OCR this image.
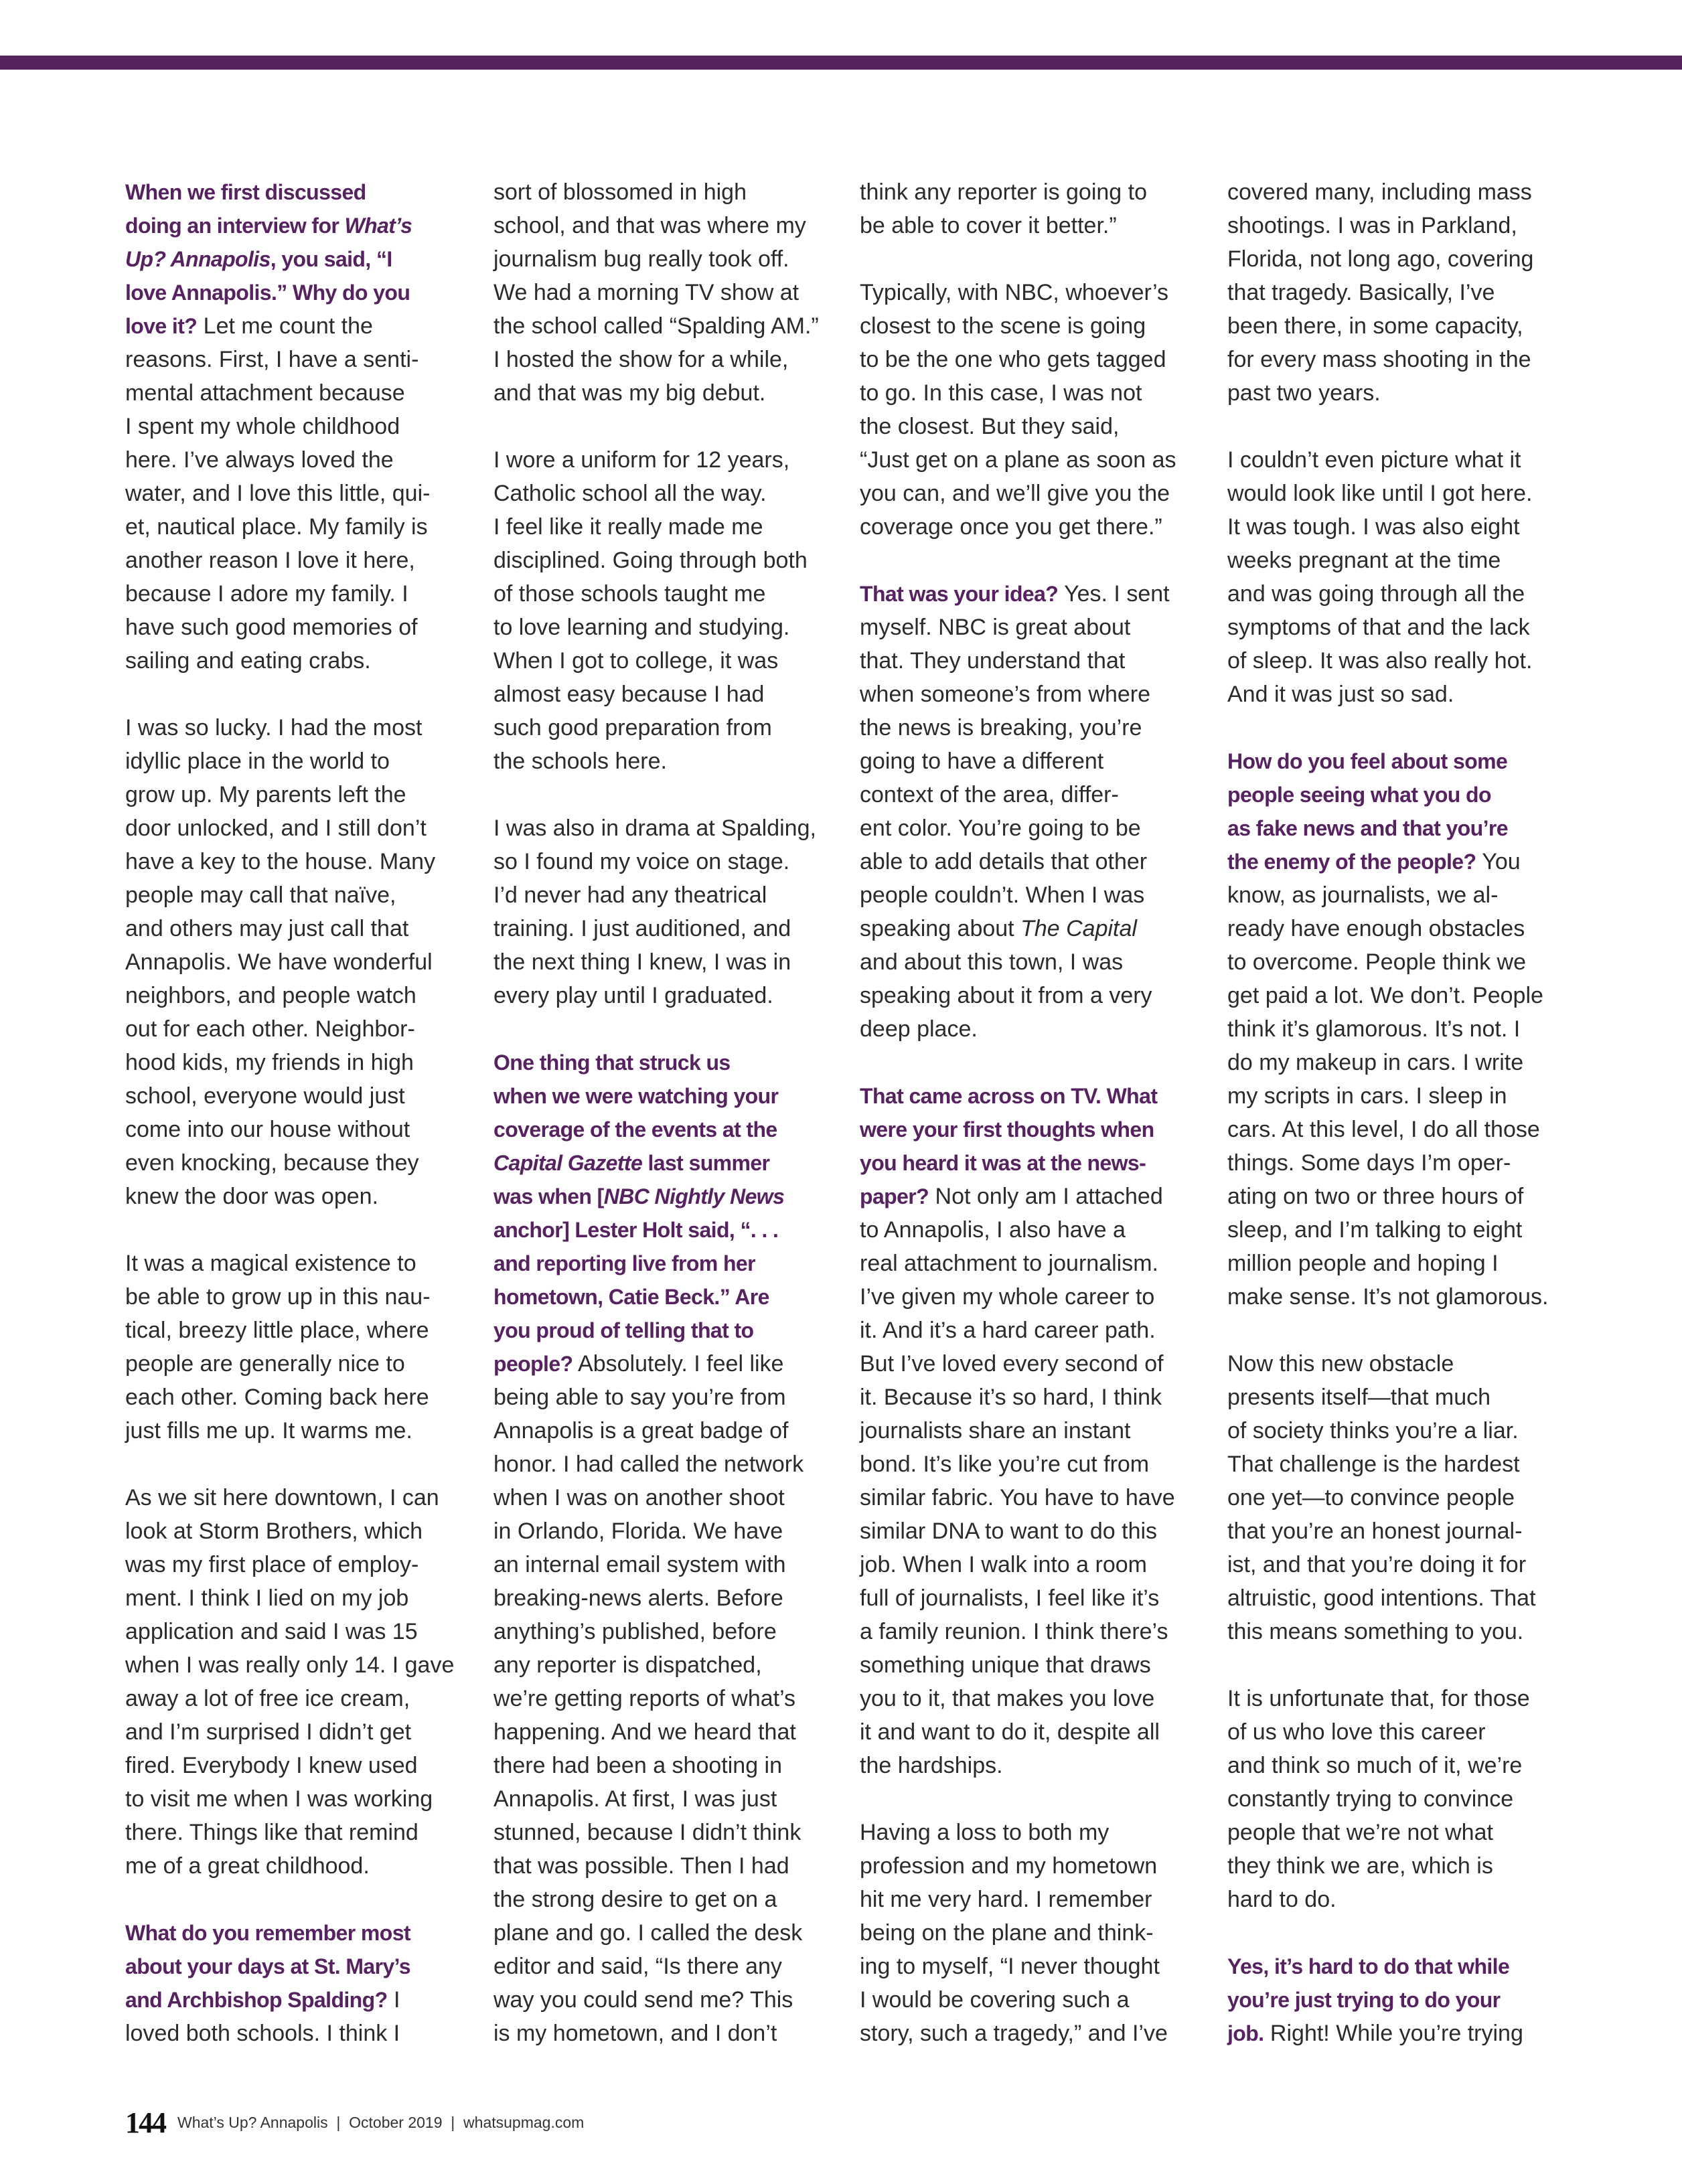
When we first discussed
doing an interview for What’s
Up? Annapolis, you said, “I
love Annapolis.” Why do you
love it? Let me count the
reasons. First, I have a senti-
mental attachment because
I spent my whole childhood
here. I’ve always loved the
water, and I love this little, qui-
et, nautical place. My family is
another reason I love it here,
because I adore my family. I
have such good memories of
sailing and eating crabs.
I was so lucky. I had the most
idyllic place in the world to
grow up. My parents left the
door unlocked, and I still don’t
have a key to the house. Many
people may call that naïve,
and others may just call that
Annapolis. We have wonderful
neighbors, and people watch
out for each other. Neighbor-
hood kids, my friends in high
school, everyone would just
come into our house without
even knocking, because they
knew the door was open.
It was a magical existence to
be able to grow up in this nau-
tical, breezy little place, where
people are generally nice to
each other. Coming back here
just fills me up. It warms me.
As we sit here downtown, I can
look at Storm Brothers, which
was my first place of employ-
ment. I think I lied on my job
application and said I was 15
when I was really only 14. I gave
away a lot of free ice cream,
and I’m surprised I didn’t get
fired. Everybody I knew used
to visit me when I was working
there. Things like that remind
me of a great childhood.
What do you remember most
about your days at St. Mary’s
and Archbishop Spalding? I
loved both schools. I think I
sort of blossomed in high
school, and that was where my
journalism bug really took off.
We had a morning TV show at
the school called “Spalding AM.”
I hosted the show for a while,
and that was my big debut.
I wore a uniform for 12 years,
Catholic school all the way.
I feel like it really made me
disciplined. Going through both
of those schools taught me
to love learning and studying.
When I got to college, it was
almost easy because I had
such good preparation from
the schools here.
I was also in drama at Spalding,
so I found my voice on stage.
I’d never had any theatrical
training. I just auditioned, and
the next thing I knew, I was in
every play until I graduated.
One thing that struck us
when we were watching your
coverage of the events at the
Capital Gazette last summer
was when [NBC Nightly News
anchor] Lester Holt said, “. . .
and reporting live from her
hometown, Catie Beck.” Are
you proud of telling that to
people? Absolutely. I feel like
being able to say you’re from
Annapolis is a great badge of
honor. I had called the network
when I was on another shoot
in Orlando, Florida. We have
an internal email system with
breaking-news alerts. Before
anything’s published, before
any reporter is dispatched,
we’re getting reports of what’s
happening. And we heard that
there had been a shooting in
Annapolis. At first, I was just
stunned, because I didn’t think
that was possible. Then I had
the strong desire to get on a
plane and go. I called the desk
editor and said, “Is there any
way you could send me? This
is my hometown, and I don’t
think any reporter is going to
be able to cover it better.”
Typically, with NBC, whoever’s
closest to the scene is going
to be the one who gets tagged
to go. In this case, I was not
the closest. But they said,
“Just get on a plane as soon as
you can, and we’ll give you the
coverage once you get there.”
That was your idea? Yes. I sent
myself. NBC is great about
that. They understand that
when someone’s from where
the news is breaking, you’re
going to have a different
context of the area, differ-
ent color. You’re going to be
able to add details that other
people couldn’t. When I was
speaking about The Capital
and about this town, I was
speaking about it from a very
deep place.
That came across on TV. What
were your first thoughts when
you heard it was at the news-
paper? Not only am I attached
to Annapolis, I also have a
real attachment to journalism.
I’ve given my whole career to
it. And it’s a hard career path.
But I’ve loved every second of
it. Because it’s so hard, I think
journalists share an instant
bond. It’s like you’re cut from
similar fabric. You have to have
similar DNA to want to do this
job. When I walk into a room
full of journalists, I feel like it’s
a family reunion. I think there’s
something unique that draws
you to it, that makes you love
it and want to do it, despite all
the hardships.
Having a loss to both my
profession and my hometown
hit me very hard. I remember
being on the plane and think-
ing to myself, “I never thought
I would be covering such a
story, such a tragedy,” and I’ve
covered many, including mass
shootings. I was in Parkland,
Florida, not long ago, covering
that tragedy. Basically, I’ve
been there, in some capacity,
for every mass shooting in the
past two years.
I couldn’t even picture what it
would look like until I got here.
It was tough. I was also eight
weeks pregnant at the time
and was going through all the
symptoms of that and the lack
of sleep. It was also really hot.
And it was just so sad.
How do you feel about some
people seeing what you do
as fake news and that you’re
the enemy of the people? You
know, as journalists, we al-
ready have enough obstacles
to overcome. People think we
get paid a lot. We don’t. People
think it’s glamorous. It’s not. I
do my makeup in cars. I write
my scripts in cars. I sleep in
cars. At this level, I do all those
things. Some days I’m oper-
ating on two or three hours of
sleep, and I’m talking to eight
million people and hoping I
make sense. It’s not glamorous.
Now this new obstacle
presents itself—that much
of society thinks you’re a liar.
That challenge is the hardest
one yet—to convince people
that you’re an honest journal-
ist, and that you’re doing it for
altruistic, good intentions. That
this means something to you.
It is unfortunate that, for those
of us who love this career
and think so much of it, we’re
constantly trying to convince
people that we’re not what
they think we are, which is
hard to do.
Yes, it’s hard to do that while
you’re just trying to do your
job. Right! While you’re trying
144 What’s Up? Annapolis  |  October 2019  |  whatsupmag.com
